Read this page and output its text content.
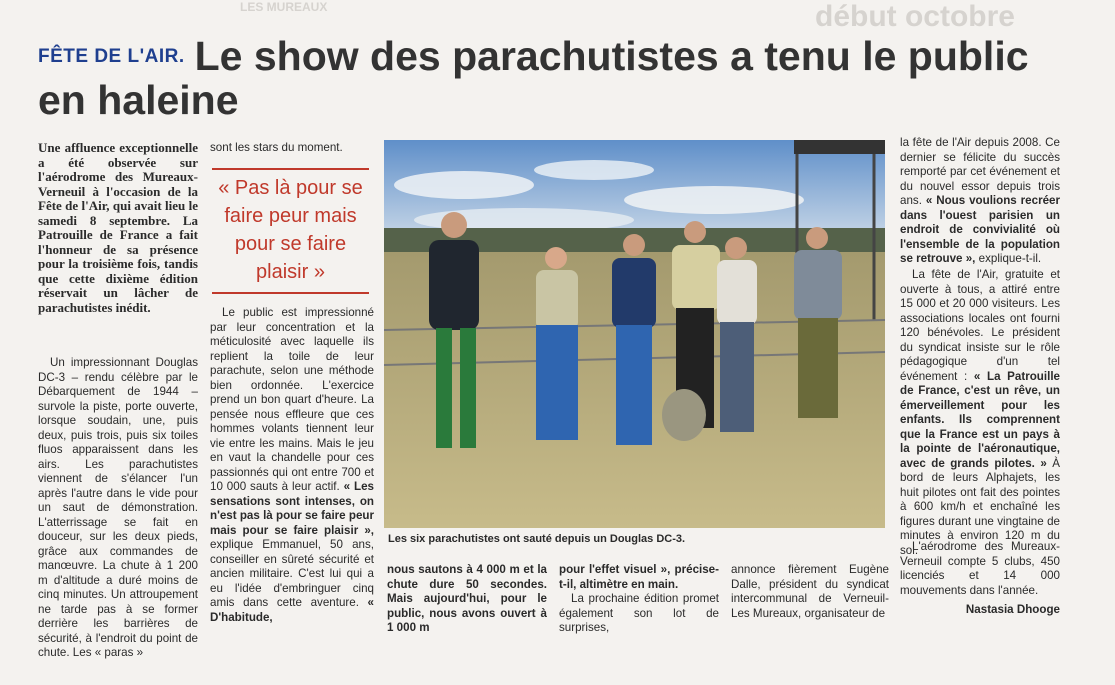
LES MUREAUX	début octobre
FÊTE DE L'AIR. Le show des parachutistes a tenu le public en haleine
Une affluence exceptionnelle a été observée sur l'aérodrome des Mureaux-Verneuil à l'occasion de la Fête de l'Air, qui avait lieu le samedi 8 septembre. La Patrouille de France a fait l'honneur de sa présence pour la troisième fois, tandis que cette dixième édition réservait un lâcher de parachutistes inédit.

Un impressionnant Douglas DC-3 – rendu célèbre par le Débarquement de 1944 – survole la piste, porte ouverte, lorsque soudain, une, puis deux, puis trois, puis six toiles fluos apparaissent dans les airs. Les parachutistes viennent de s'élancer l'un après l'autre dans le vide pour un saut de démonstration. L'atterrissage se fait en douceur, sur les deux pieds, grâce aux commandes de manœuvre. La chute à 1 200 m d'altitude a duré moins de cinq minutes. Un attroupement ne tarde pas à se former derrière les barrières de sécurité, à l'endroit du point de chute. Les « paras »

sont les stars du moment.
« Pas là pour se faire peur mais pour se faire plaisir »

Le public est impressionné par leur concentration et la méticulosité avec laquelle ils replient la toile de leur parachute, selon une méthode bien ordonnée. L'exercice prend un bon quart d'heure. La pensée nous effleure que ces hommes volants tiennent leur vie entre les mains. Mais le jeu en vaut la chandelle pour ces passionnés qui ont entre 700 et 10 000 sauts à leur actif. « Les sensations sont intenses, on n'est pas là pour se faire peur mais pour se faire plaisir », explique Emmanuel, 50 ans, conseiller en sûreté sécurité et ancien militaire. C'est lui qui a eu l'idée d'embringuer cinq amis dans cette aventure. « D'habitude,

Les six parachutistes ont sauté depuis un Douglas DC-3.
nous sautons à 4 000 m et la chute dure 50 secondes. Mais aujourd'hui, pour le public, nous avons ouvert à 1 000 m
pour l'effet visuel », précise-t-il, altimètre en main.

La prochaine édition promet également son lot de surprises,

annonce fièrement Eugène Dalle, président du syndicat intercommunal de Verneuil-Les Mureaux, organisateur de
la fête de l'Air depuis 2008. Ce dernier se félicite du succès remporté par cet événement et du nouvel essor depuis trois ans. « Nous voulions recréer dans l'ouest parisien un endroit de convivialité où l'ensemble de la population se retrouve », explique-t-il.

La fête de l'Air, gratuite et ouverte à tous, a attiré entre 15 000 et 20 000 visiteurs. Les associations locales ont fourni 120 bénévoles. Le président du syndicat insiste sur le rôle pédagogique d'un tel événement : « La Patrouille de France, c'est un rêve, un émerveillement pour les enfants. Ils comprennent que la France est un pays à la pointe de l'aéronautique, avec de grands pilotes. » À bord de leurs Alphajets, les huit pilotes ont fait des pointes à 600 km/h et enchaîné les figures durant une vingtaine de minutes à environ 120 m du sol.

L'aérodrome des Mureaux-Verneuil compte 5 clubs, 450 licenciés et 14 000 mouvements dans l'année.

Nastasia Dhooge
